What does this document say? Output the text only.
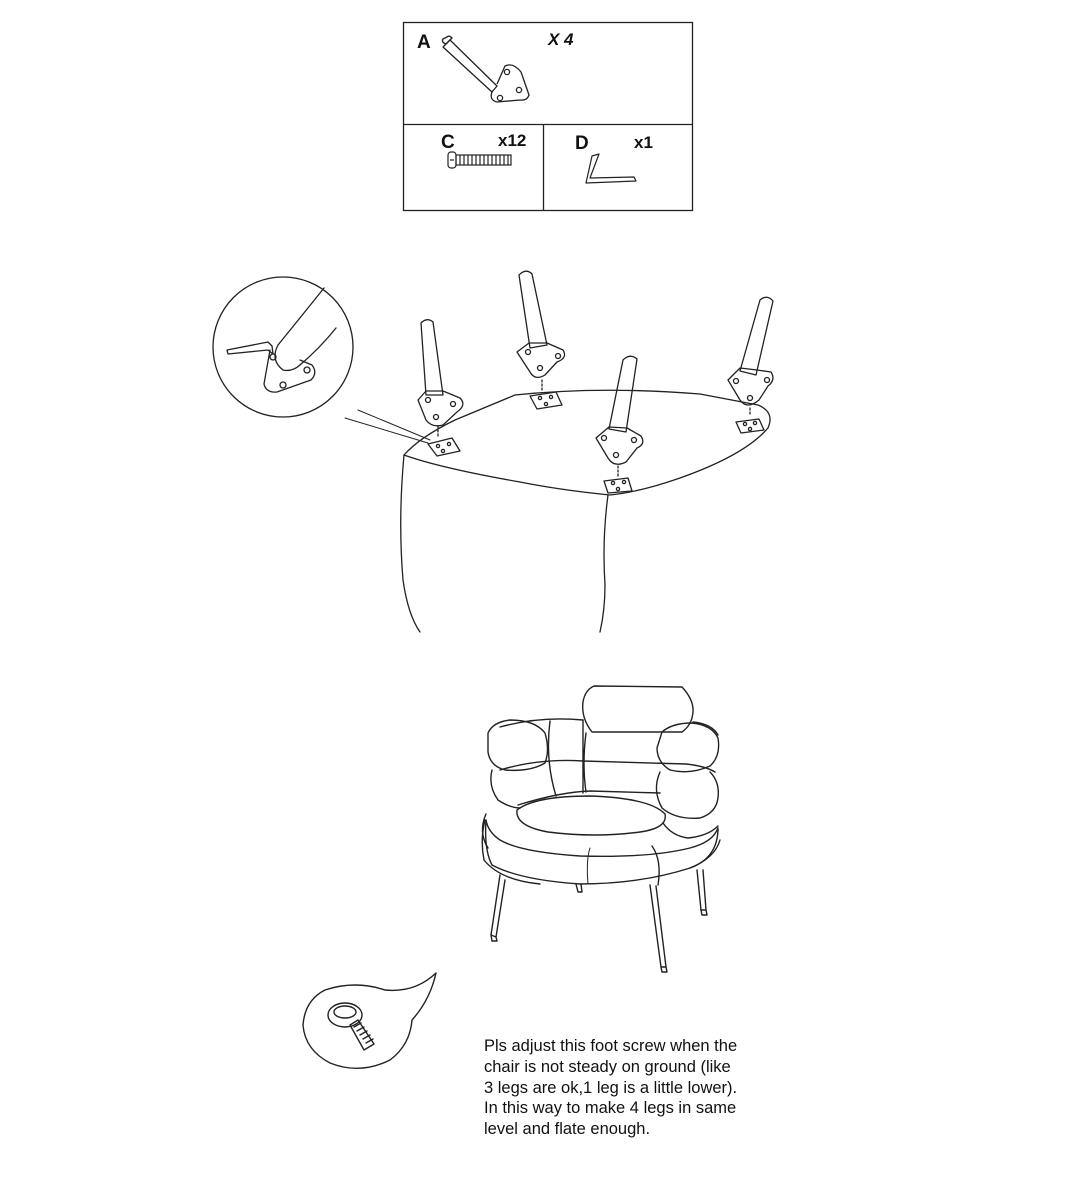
A	X 4
C	x12	D	x1
Pls adjust this foot screw when the
chair is not steady on ground (like
3 legs are ok,1 leg is a little lower).
In this way to make 4 legs in same
level and flate enough.
